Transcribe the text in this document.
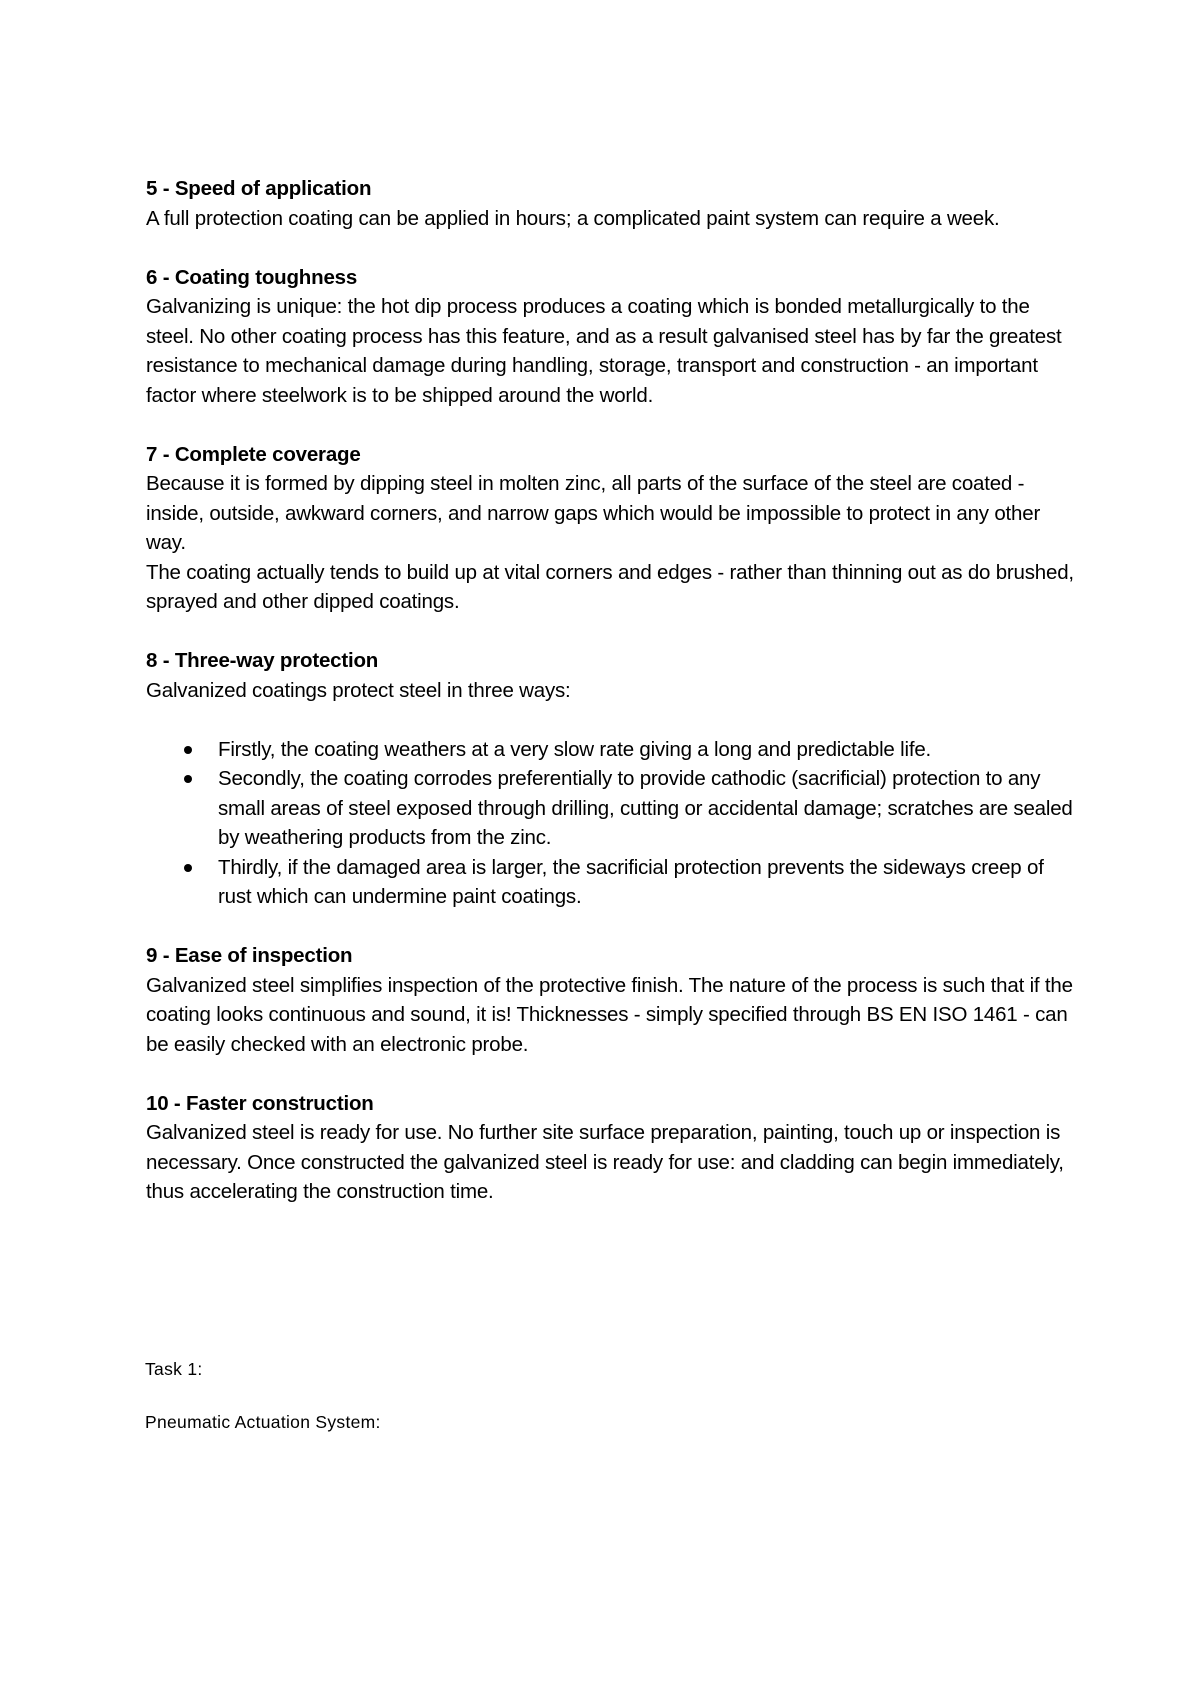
5 - Speed of application

A full protection coating can be applied in hours; a complicated paint system can require a week.

6 - Coating toughness

Galvanizing is unique: the hot dip process produces a coating which is bonded metallurgically to the steel. No other coating process has this feature, and as a result galvanised steel has by far the greatest resistance to mechanical damage during handling, storage, transport and construction - an important factor where steelwork is to be shipped around the world.

7 - Complete coverage

Because it is formed by dipping steel in molten zinc, all parts of the surface of the steel are coated - inside, outside, awkward corners, and narrow gaps which would be impossible to protect in any other way.

The coating actually tends to build up at vital corners and edges - rather than thinning out as do brushed, sprayed and other dipped coatings.

8 - Three-way protection

Galvanized coatings protect steel in three ways:

Firstly, the coating weathers at a very slow rate giving a long and predictable life.
Secondly, the coating corrodes preferentially to provide cathodic (sacrificial) protection to any small areas of steel exposed through drilling, cutting or accidental damage; scratches are sealed by weathering products from the zinc.
Thirdly, if the damaged area is larger, the sacrificial protection prevents the sideways creep of rust which can undermine paint coatings.
9 - Ease of inspection

Galvanized steel simplifies inspection of the protective finish. The nature of the process is such that if the coating looks continuous and sound, it is! Thicknesses - simply specified through BS EN ISO 1461 - can be easily checked with an electronic probe.

10 - Faster construction

Galvanized steel is ready for use. No further site surface preparation, painting, touch up or inspection is necessary. Once constructed the galvanized steel is ready for use: and cladding can begin immediately, thus accelerating the construction time.

Task 1:

Pneumatic Actuation System:
